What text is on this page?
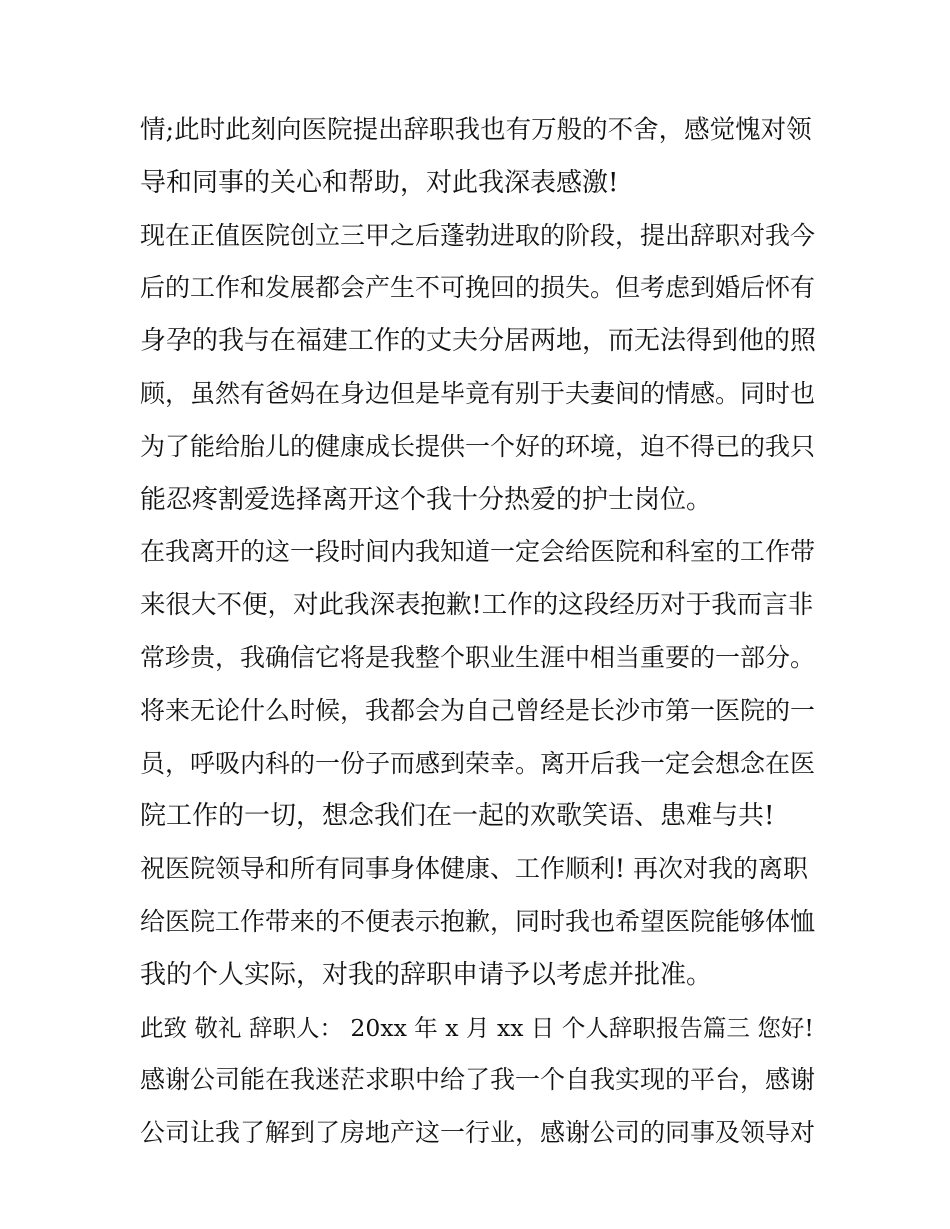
情;此时此刻向医院提出辞职我也有万般的不舍，感觉愧对领
导和同事的关心和帮助，对此我深表感激!
现在正值医院创立三甲之后蓬勃进取的阶段，提出辞职对我今
后的工作和发展都会产生不可挽回的损失。但考虑到婚后怀有
身孕的我与在福建工作的丈夫分居两地，而无法得到他的照
顾，虽然有爸妈在身边但是毕竟有别于夫妻间的情感。同时也
为了能给胎儿的健康成长提供一个好的环境，迫不得已的我只
能忍疼割爱选择离开这个我十分热爱的护士岗位。
在我离开的这一段时间内我知道一定会给医院和科室的工作带
来很大不便，对此我深表抱歉!工作的这段经历对于我而言非
常珍贵，我确信它将是我整个职业生涯中相当重要的一部分。
将来无论什么时候，我都会为自己曾经是长沙市第一医院的一
员，呼吸内科的一份子而感到荣幸。离开后我一定会想念在医
院工作的一切，想念我们在一起的欢歌笑语、患难与共!
祝医院领导和所有同事身体健康、工作顺利! 再次对我的离职
给医院工作带来的不便表示抱歉，同时我也希望医院能够体恤
我的个人实际，对我的辞职申请予以考虑并批准。
此致 敬礼 辞职人： 20xx 年 x 月 xx 日 个人辞职报告篇三 您好!
感谢公司能在我迷茫求职中给了我一个自我实现的平台，感谢
公司让我了解到了房地产这一行业，感谢公司的同事及领导对
